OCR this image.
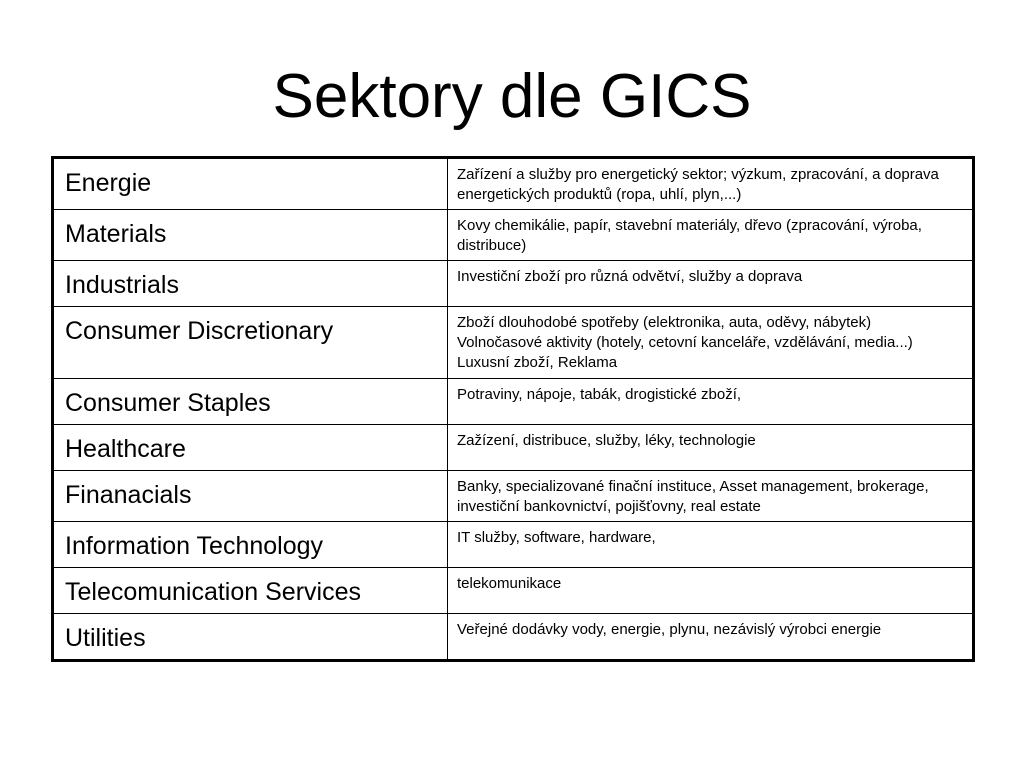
Sektory dle GICS
Energie	Zařízení a služby pro energetický sektor; výzkum, zpracování, a doprava energetických produktů (ropa, uhlí, plyn,...)
Materials	Kovy chemikálie, papír, stavební materiály, dřevo (zpracování, výroba, distribuce)
Industrials	Investiční zboží pro různá odvětví, služby a doprava
Consumer Discretionary	Zboží dlouhodobé spotřeby (elektronika, auta, oděvy, nábytek)
Volnočasové aktivity (hotely, cetovní kanceláře, vzdělávání, media...)
Luxusní zboží, Reklama

Consumer Staples	Potraviny, nápoje, tabák, drogistické zboží,
Healthcare	Zažízení, distribuce, služby, léky, technologie
Finanacials	Banky, specializované finační instituce, Asset management, brokerage, investiční bankovnictví, pojišťovny, real estate
Information Technology	IT služby, software, hardware,
Telecomunication Services	telekomunikace
Utilities	Veřejné dodávky vody, energie, plynu, nezávislý výrobci energie
